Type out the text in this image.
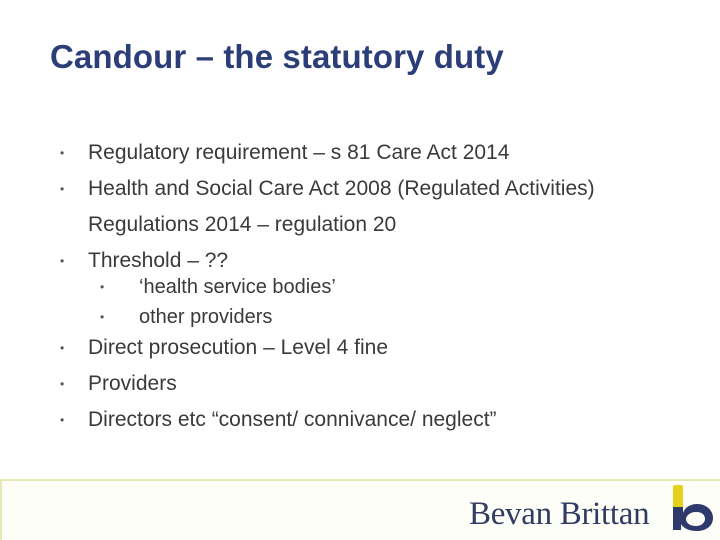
Candour – the statutory duty
• Regulatory requirement – s 81 Care Act 2014
• Health and Social Care Act 2008 (Regulated Activities)
Regulations 2014 – regulation 20
• Threshold – ??
• ‘health service bodies’
• other providers
• Direct prosecution – Level 4 fine
• Providers
• Directors etc “consent/ connivance/ neglect”
Bevan Brittan
